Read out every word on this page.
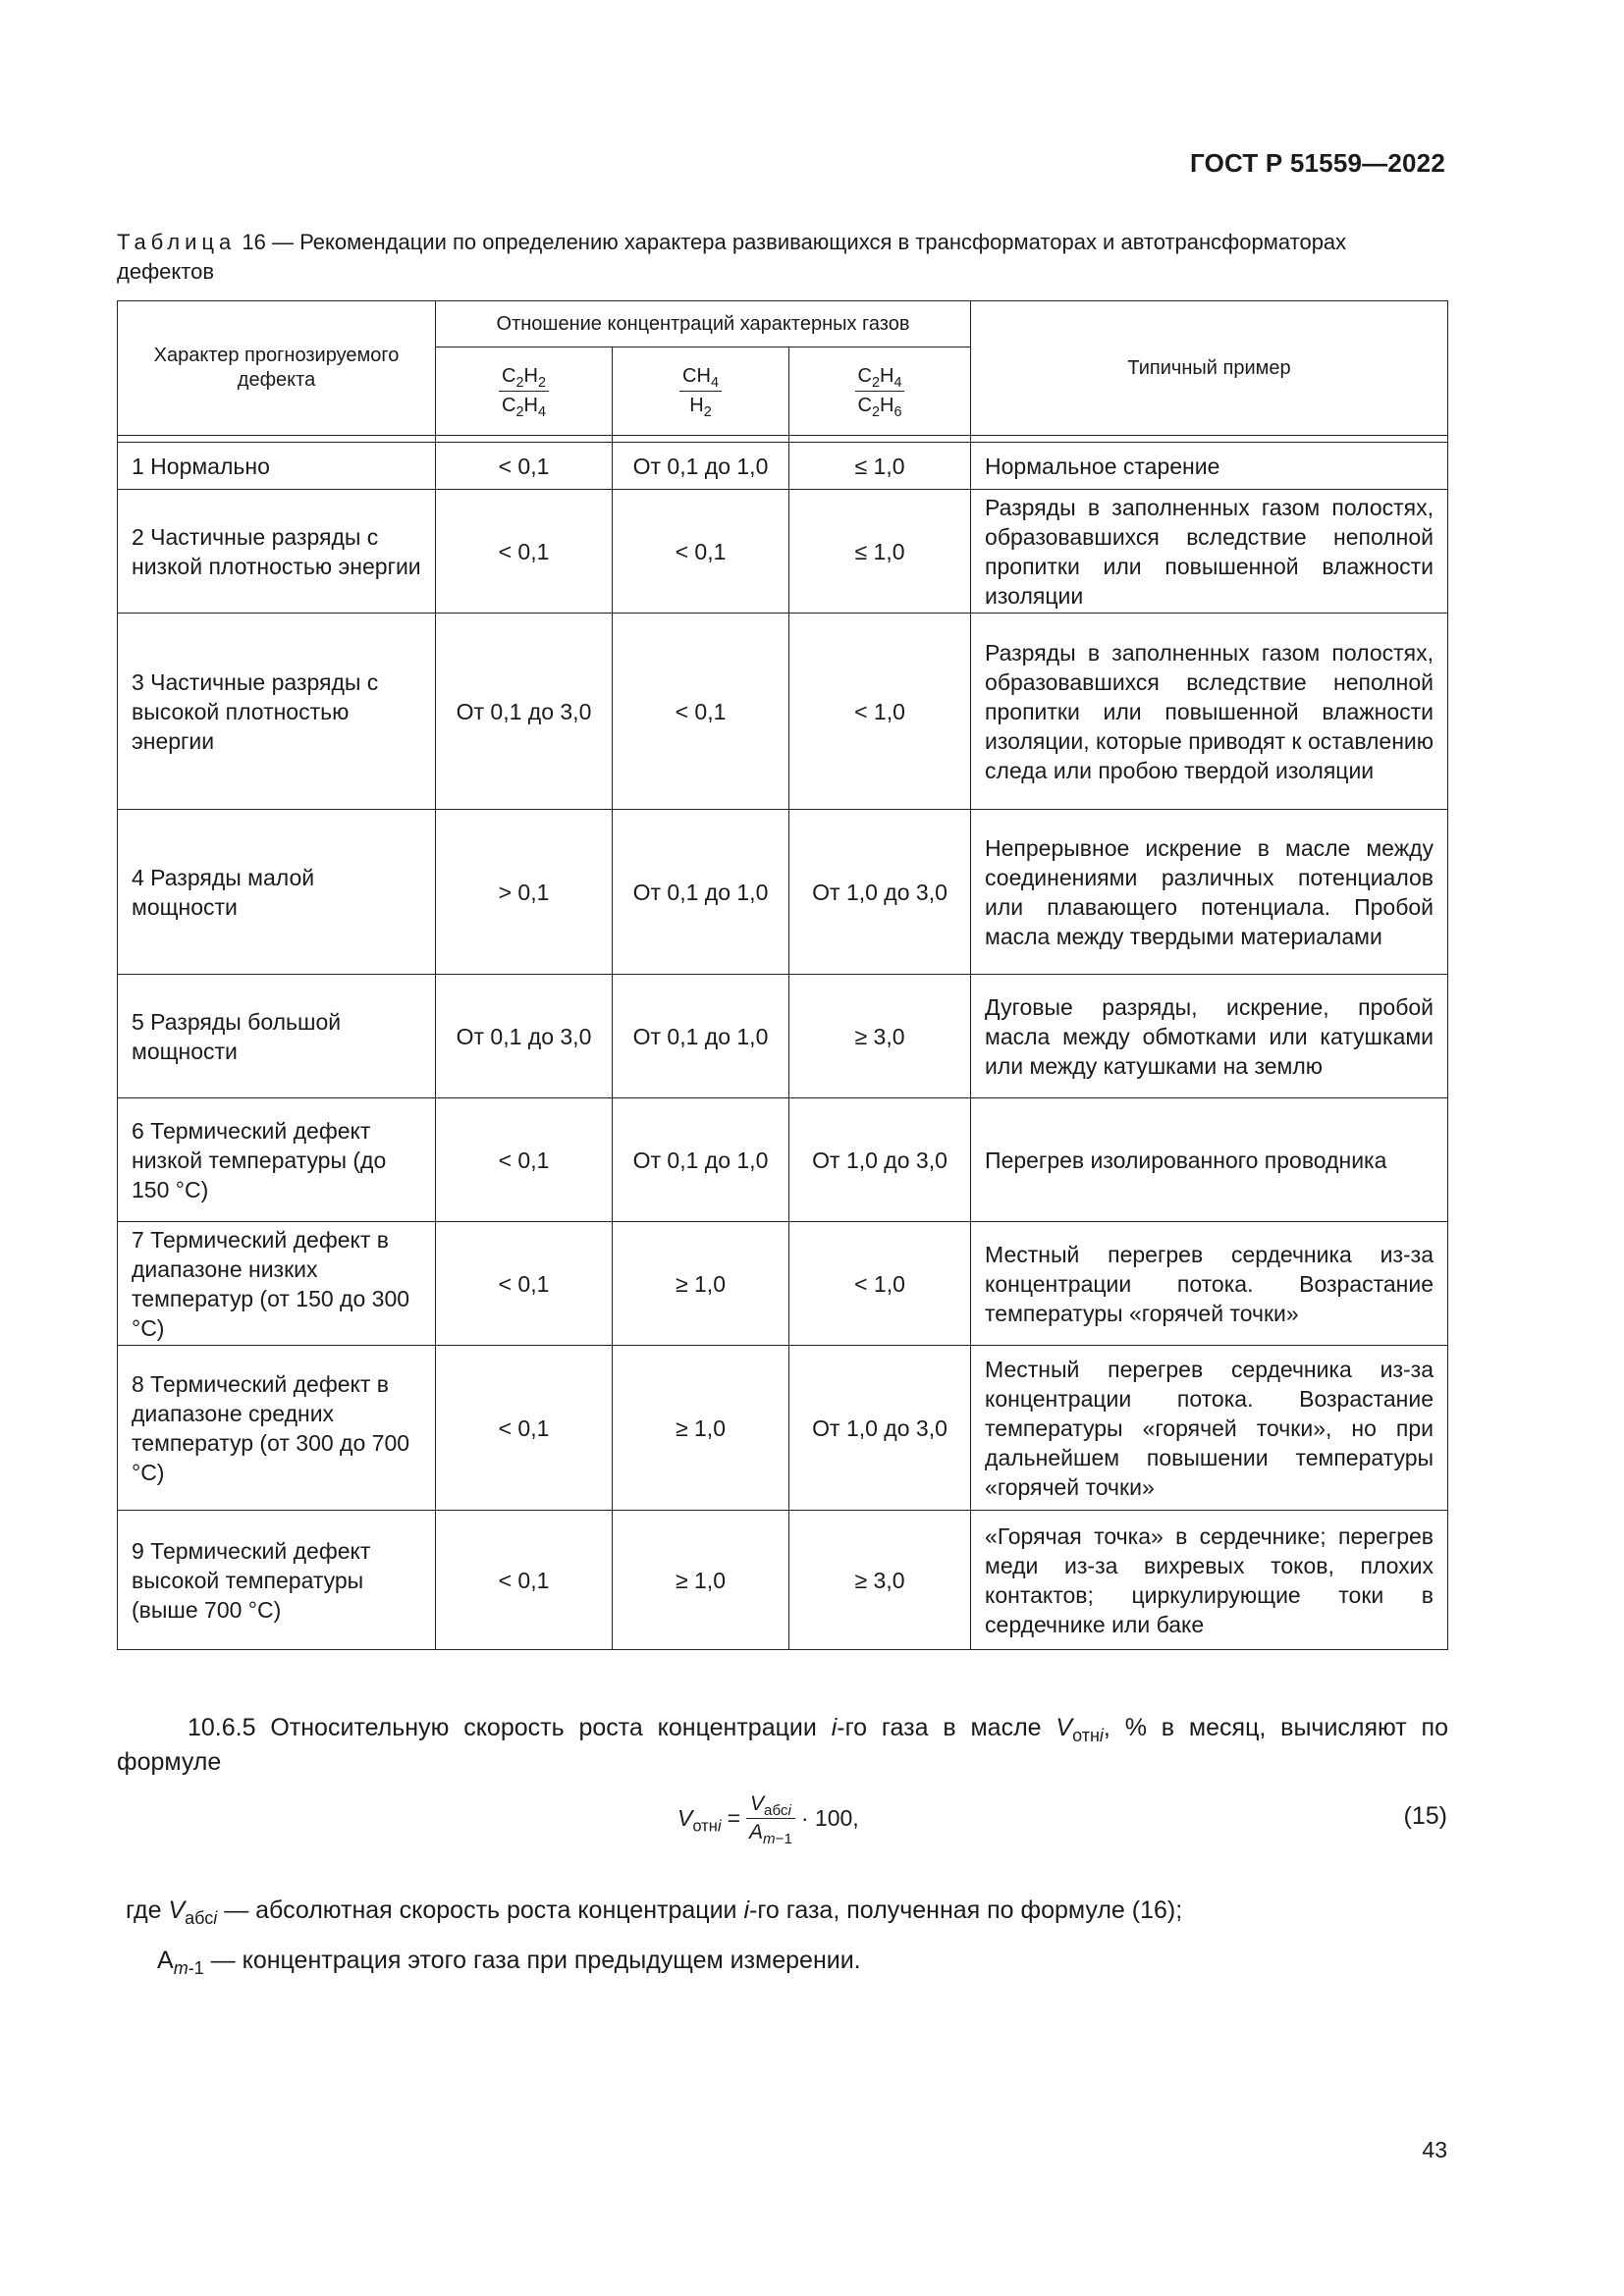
ГОСТ Р 51559—2022
Таблица 16 — Рекомендации по определению характера развивающихся в трансформаторах и автотрансформаторах дефектов
Характер прогнозируемого дефекта	Отношение концентраций характерных газов			Типичный пример

	$\frac{C_2H_2}{C_2H_4}$	$\frac{CH_4}{H_2}$	$\frac{C_2H_4}{C_2H_6}$

1 Нормально	< 0,1	От 0,1 до 1,0	≤ 1,0	Нормальное старение
2 Частичные разряды с низкой плотностью энергии	< 0,1	< 0,1	≤ 1,0	Разряды в заполненных газом полостях, образовавшихся вследствие неполной пропитки или повышенной влажности изоляции
3 Частичные разряды с высокой плотностью энергии	От 0,1 до 3,0	< 0,1	< 1,0	Разряды в заполненных газом полостях, образовавшихся вследствие неполной пропитки или повышенной влажности изоляции, которые приводят к оставлению следа или пробою твердой изоляции
4 Разряды малой мощности	> 0,1	От 0,1 до 1,0	От 1,0 до 3,0	Непрерывное искрение в масле между соединениями различных потенциалов или плавающего потенциала. Пробой масла между твердыми материалами
5 Разряды большой мощности	От 0,1 до 3,0	От 0,1 до 1,0	≥ 3,0	Дуговые разряды, искрение, пробой масла между обмотками или катушками или между катушками на землю
6 Термический дефект низкой температуры (до 150 °C)	< 0,1	От 0,1 до 1,0	От 1,0 до 3,0	Перегрев изолированного проводника
7 Термический дефект в диапазоне низких температур (от 150 до 300 °C)	< 0,1	≥ 1,0	< 1,0	Местный перегрев сердечника из-за концентрации потока. Возрастание температуры «горячей точки»
8 Термический дефект в диапазоне средних температур (от 300 до 700 °C)	< 0,1	≥ 1,0	От 1,0 до 3,0	Местный перегрев сердечника из-за концентрации потока. Возрастание температуры «горячей точки», но при дальнейшем повышении температуры «горячей точки»
9 Термический дефект высокой температуры (выше 700 °C)	< 0,1	≥ 1,0	≥ 3,0	«Горячая точка» в сердечнике; перегрев меди из-за вихревых токов, плохих контактов; циркулирующие токи в сердечнике или баке
10.6.5 Относительную скорость роста концентрации i-го газа в масле $V_{отнi}$, % в месяц, вычисляют по формуле
$V_{отнi} = \frac{V_{абсi}}{A_{m-1}} \cdot 100$,	(15)
где $V_{абсi}$ — абсолютная скорость роста концентрации i-го газа, полученная по формуле (16);
$А_{m-1}$ — концентрация этого газа при предыдущем измерении.
43
